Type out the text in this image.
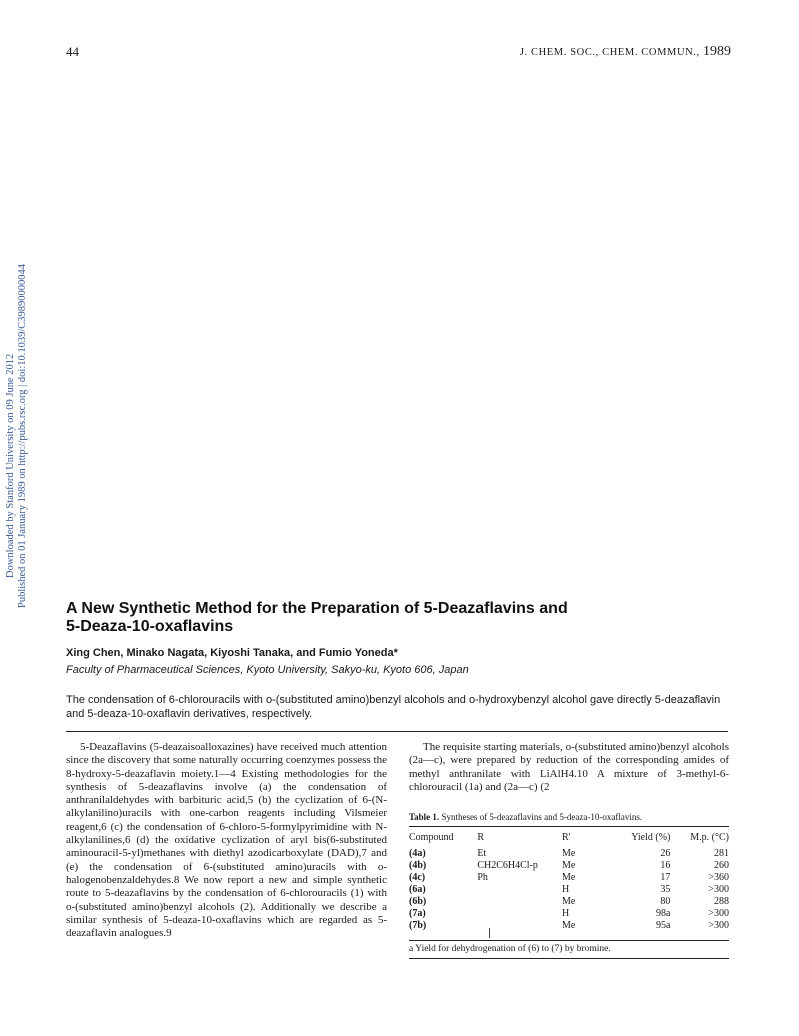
44	J. CHEM. SOC., CHEM. COMMUN., 1989
Downloaded by Stanford University on 09 June 2012 Published on 01 January 1989 on http://pubs.rsc.org | doi:10.1039/C39890000044
A New Synthetic Method for the Preparation of 5-Deazaflavins and
5-Deaza-10-oxaflavins
Xing Chen, Minako Nagata, Kiyoshi Tanaka, and Fumio Yoneda*
Faculty of Pharmaceutical Sciences, Kyoto University, Sakyo-ku, Kyoto 606, Japan
The condensation of 6-chlorouracils with o-(substituted amino)benzyl alcohols and o-hydroxybenzyl alcohol gave directly 5-deazaflavin and 5-deaza-10-oxaflavin derivatives, respectively.

5-Deazaflavins (5-deazaisoalloxazines) have received much attention since the discovery that some naturally occurring coenzymes possess the 8-hydroxy-5-deazaflavin moiety.1—4 Existing methodologies for the synthesis of 5-deazaflavins involve (a) the condensation of anthranilaldehydes with barbituric acid,5 (b) the cyclization of 6-(N-alkylanilino)uracils with one-carbon reagents including Vilsmeier reagent,6 (c) the condensation of 6-chloro-5-formylpyrimidine with N-alkylanilines,6 (d) the oxidative cyclization of aryl bis(6-substituted aminouracil-5-yl)methanes with diethyl azodicarboxylate (DAD),7 and (e) the condensation of 6-(substituted amino)uracils with o-halogenobenzaldehydes.8 We now report a new and simple synthetic route to 5-deazaflavins by the condensation of 6-chlorouracils (1) with o-(substituted amino)benzyl alcohols (2). Additionally we describe a similar synthesis of 5-deaza-10-oxaflavins which are regarded as 5-deazaflavin analogues.9

The requisite starting materials, o-(substituted amino)benzyl alcohols (2a—c), were prepared by reduction of the corresponding amides of methyl anthranilate with LiAlH4.10 A mixture of 3-methyl-6-chlorouracil (1a) and (2a—c) (2

Table 1. Syntheses of 5-deazaflavins and 5-deaza-10-oxaflavins.
Compound	R	R'	Yield (%)	M.p. (°C)
(4a)	Et	Me	26	281
(4b)	CH2C6H4Cl-p	Me	16	260
(4c)	Ph	Me	17	>360
(6a)		H	35	>300
(6b)		Me	80	288
(7a)		H	98a	>300
(7b)		Me	95a	>300
a Yield for dehydrogenation of (6) to (7) by bromine.
